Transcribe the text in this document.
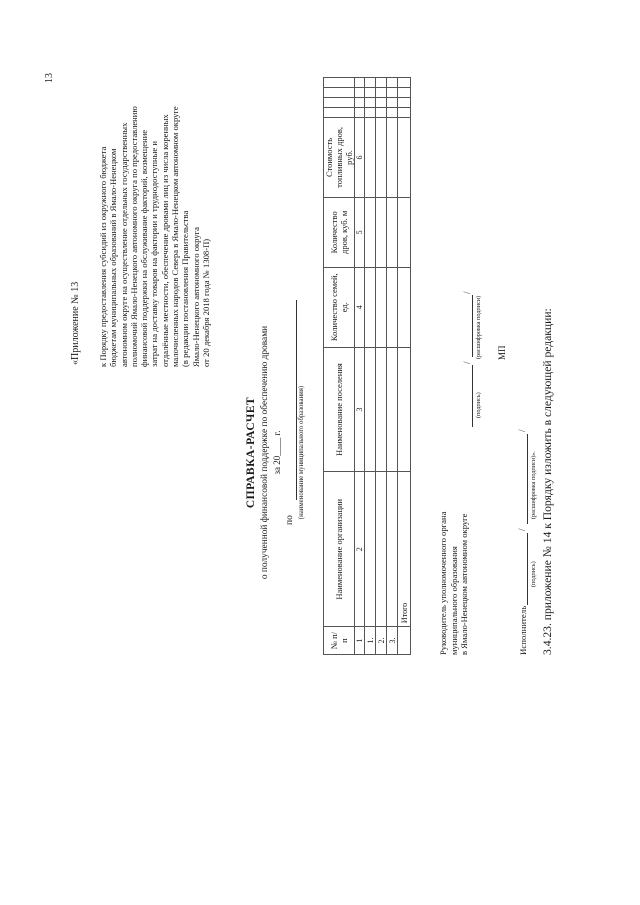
13
«Приложение № 13 к Порядку предоставления субсидий из окружного бюджета бюджетам муниципальных образований в Ямало-Ненецком автономном округе на осуществление отдельных государственных полномочий Ямало-Ненецкого автономного округа по предоставлению финансовой поддержки на обслуживание факторий, возмещение затрат на доставку товаров на фактории и труднодоступные и отдалённые местности, обеспечение дровами лиц из числа коренных малочисленных народов Севера в Ямало-Ненецком автономном округе (в редакции постановления Правительства Ямало-Ненецкого автономного округа от 20 декабря 2018 года № 1308-П)
СПРАВКА-РАСЧЕТ о полученной финансовой поддержке по обеспечению дровами за 20____ г.
по
(наименование муниципального образования)
№ п/п	Наименование организации	Наименование поселения	Количество семей, ед.	Количество дров, куб. м	Стоимость топливных дров, руб.				
1	2	3	4	5	6				
1.									
2.									
3.									
	Итого									Руководитель уполномоченного органа муниципального образования в Ямало-Ненецком автономном округе
/
/
(подпись)
(расшифровка подписи) МП
Исполнитель
/
/
(подпись)
(расшифровка подписи)». 3.4.23. приложение № 14 к Порядку изложить в следующей редакции:
